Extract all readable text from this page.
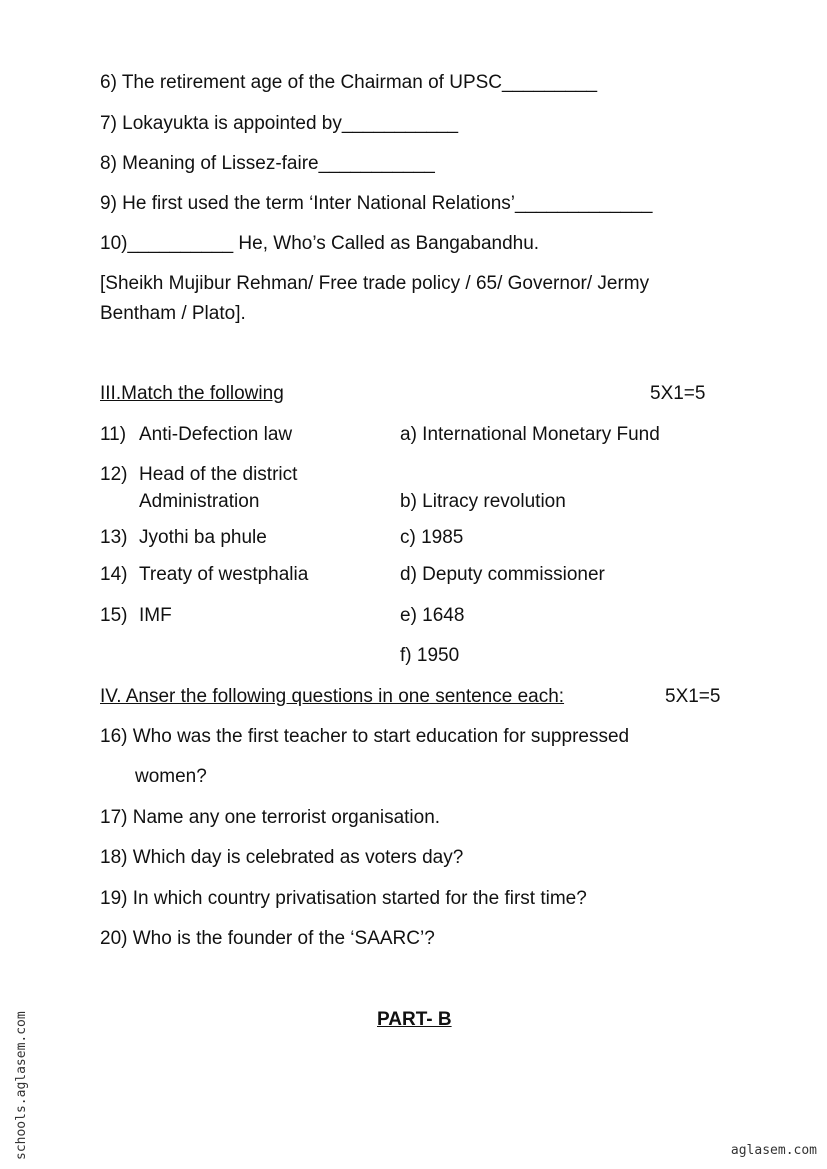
6) The retirement age of the Chairman of UPSC_________
7) Lokayukta is appointed by___________
8) Meaning of Lissez-faire___________
9) He first used the term ‘Inter National Relations’_____________
10)__________ He, Who’s Called as Bangabandhu.
[Sheikh Mujibur Rehman/ Free trade policy / 65/ Governor/ Jermy
Bentham / Plato].
III.Match the following	5X1=5
11) Anti-Defection law	a) International Monetary Fund
12) Head of the district
Administration	b) Litracy revolution
13) Jyothi ba phule	c) 1985
14) Treaty of westphalia	d) Deputy commissioner
15) IMF	e) 1648
f) 1950
IV. Anser the following questions in one sentence each:	5X1=5
16) Who was the first teacher to start education for suppressed
women?
17) Name any one terrorist organisation.
18) Which day is celebrated as voters day?
19) In which country privatisation started for the first time?
20) Who is the founder of the ‘SAARC’?
PART- B
schools.aglasem.com	aglasem.com
